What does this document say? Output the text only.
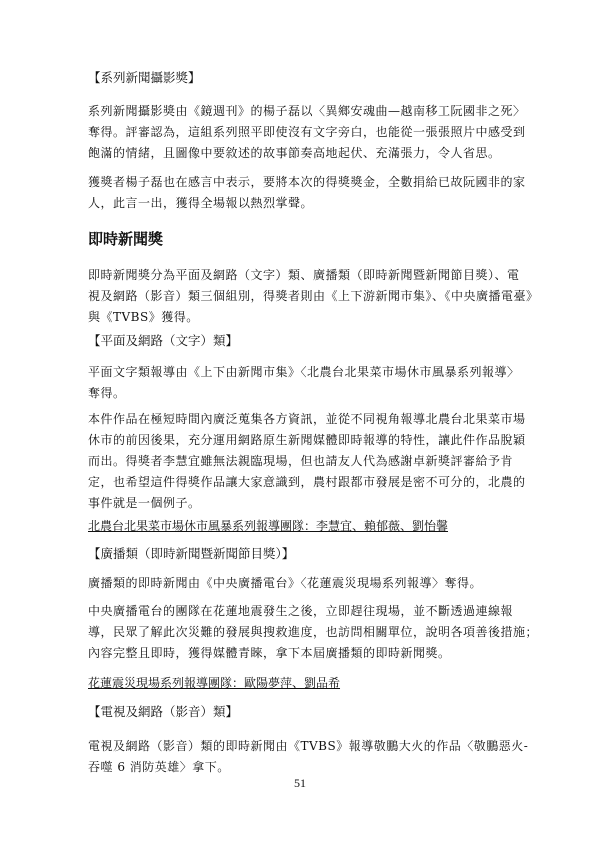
【系列新聞攝影獎】
系列新聞攝影獎由《鏡週刊》的楊子磊以〈異鄉安魂曲—越南移工阮國非之死〉
奪得。評審認為，這組系列照平即使沒有文字旁白，也能從一張張照片中感受到
飽滿的情緒，且圖像中要敘述的故事節奏高地起伏、充滿張力，令人省思。
獲獎者楊子磊也在感言中表示，要將本次的得獎獎金，全數捐給已故阮國非的家
人，此言一出，獲得全場報以熱烈掌聲。
即時新聞獎
即時新聞獎分為平面及網路（文字）類、廣播類（即時新聞暨新聞節目獎）、電
視及網路（影音）類三個組別，得獎者則由《上下游新聞市集》、《中央廣播電臺》
與《TVBS》獲得。
【平面及網路（文字）類】
平面文字類報導由《上下由新聞市集》〈北農台北果菜市場休市風暴系列報導〉
奪得。
本件作品在極短時間內廣泛蒐集各方資訊，並從不同視角報導北農台北果菜市場
休市的前因後果，充分運用網路原生新聞媒體即時報導的特性，讓此件作品脫穎
而出。得獎者李慧宜雖無法親臨現場，但也請友人代為感謝卓新獎評審給予肯
定，也希望這件得獎作品讓大家意識到，農村跟都市發展是密不可分的，北農的
事件就是一個例子。
北農台北果菜市場休市風暴系列報導團隊：李慧宜、賴郁薇、劉怡馨
【廣播類（即時新聞暨新聞節目獎）】
廣播類的即時新聞由《中央廣播電台》〈花蓮震災現場系列報導〉奪得。
中央廣播電台的團隊在花蓮地震發生之後，立即趕往現場，並不斷透過連線報
導，民眾了解此次災難的發展與搜救進度，也訪問相關單位，說明各項善後措施；
內容完整且即時，獲得媒體青睞，拿下本屆廣播類的即時新聞獎。
花蓮震災現場系列報導團隊：歐陽夢萍、劉品希
【電視及網路（影音）類】
電視及網路（影音）類的即時新聞由《TVBS》報導敬鵬大火的作品〈敬鵬惡火-
吞噬 6 消防英雄〉拿下。
51
